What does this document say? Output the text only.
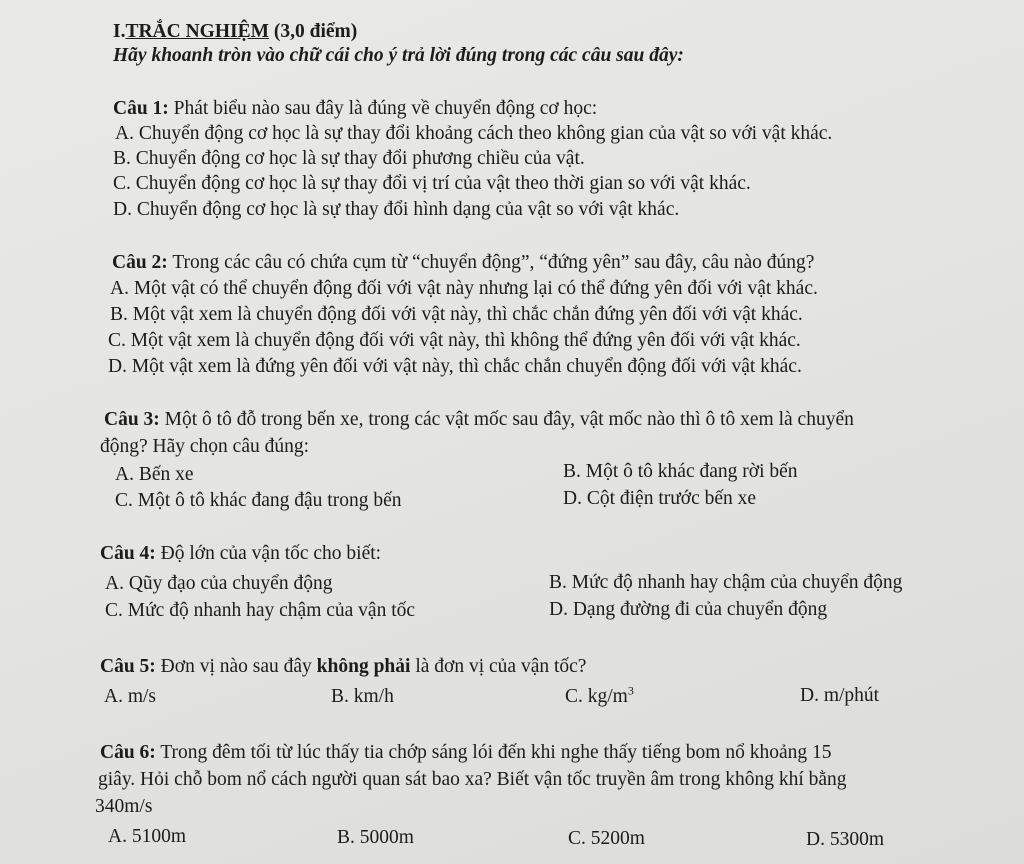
I.TRẮC NGHIỆM (3,0 điểm)
Hãy khoanh tròn vào chữ cái cho ý trả lời đúng trong các câu sau đây:
Câu 1: Phát biểu nào sau đây là đúng về chuyển động cơ học:
A. Chuyển động cơ học là sự thay đổi khoảng cách theo không gian của vật so với vật khác.
B. Chuyển động cơ học là sự thay đổi phương chiều của vật.
C. Chuyển động cơ học là sự thay đổi vị trí của vật theo thời gian so với vật khác.
D. Chuyển động cơ học là sự thay đổi hình dạng của vật so với vật khác.
Câu 2: Trong các câu có chứa cụm từ “chuyển động”, “đứng yên” sau đây, câu nào đúng?
A. Một vật có thể chuyển động đối với vật này nhưng lại có thể đứng yên đối với vật khác.
B. Một vật xem là chuyển động đối với vật này, thì chắc chắn đứng yên đối với vật khác.
C. Một vật xem là chuyển động đối với vật này, thì không thể đứng yên đối với vật khác.
D. Một vật xem là đứng yên đối với vật này, thì chắc chắn chuyển động đối với vật khác.
Câu 3: Một ô tô đỗ trong bến xe, trong các vật mốc sau đây, vật mốc nào thì ô tô xem là chuyển
động? Hãy chọn câu đúng:
A. Bến xe	B. Một ô tô khác đang rời bến
C. Một ô tô khác đang đậu trong bến	D. Cột điện trước bến xe
Câu 4: Độ lớn của vận tốc cho biết:
A. Qũy đạo của chuyển động	B. Mức độ nhanh hay chậm của chuyển động
C. Mức độ nhanh hay chậm của vận tốc	D. Dạng đường đi của chuyển động
Câu 5: Đơn vị nào sau đây không phải là đơn vị của vận tốc?
A. m/s	B. km/h	C. $kg/m^3$	D. m/phút
Câu 6: Trong đêm tối từ lúc thấy tia chớp sáng lói đến khi nghe thấy tiếng bom nổ khoảng 15
giây. Hỏi chỗ bom nổ cách người quan sát bao xa? Biết vận tốc truyền âm trong không khí bằng
340m/s
A. 5100m	B. 5000m	C. 5200m	D. 5300m
